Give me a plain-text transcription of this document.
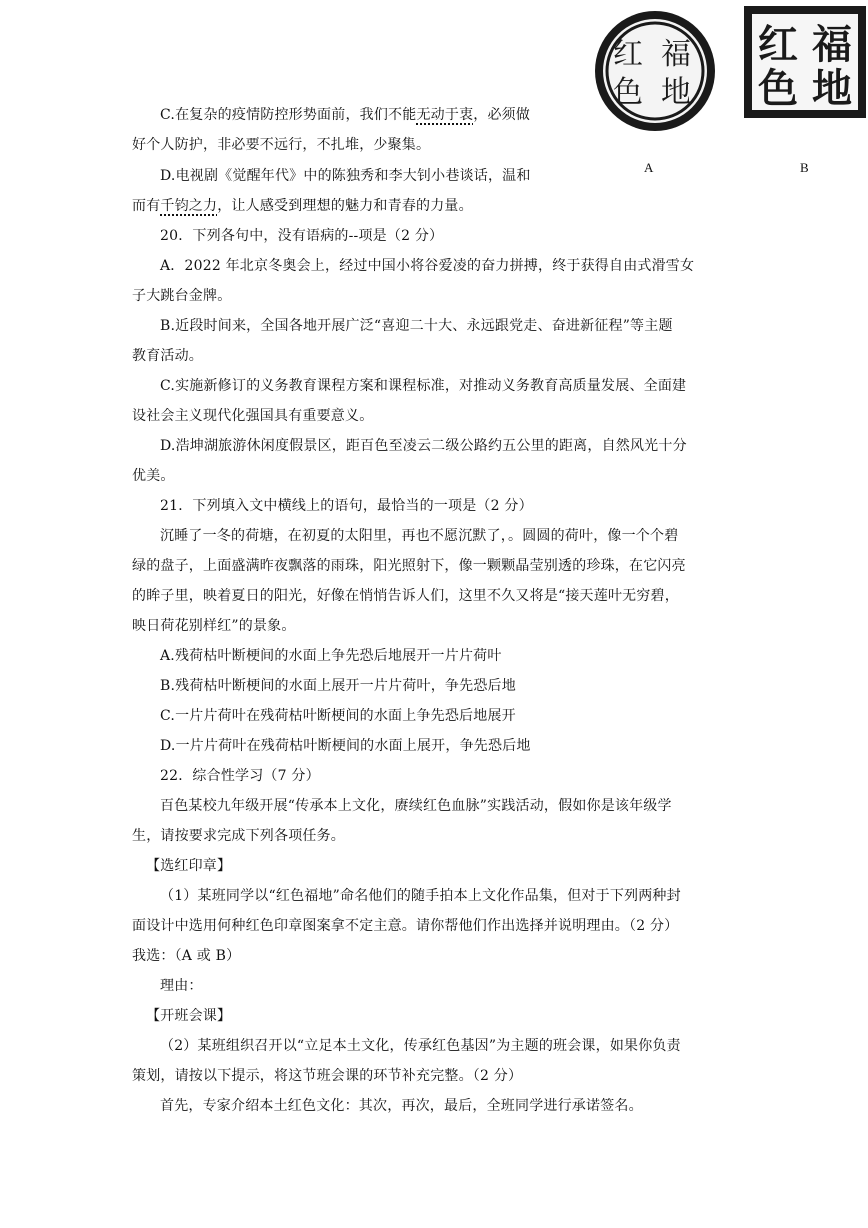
红
色
福
地
A
红
色
福
地
B
C.在复杂的疫情防控形势面前，我们不能无动于衷，必须做
好个人防护，非必要不远行，不扎堆，少聚集。
D.电视剧《觉醒年代》中的陈独秀和李大钊小巷谈话，温和
而有千钧之力，让人感受到理想的魅力和青春的力量。
20．下列各句中，没有语病的--项是（2 分）
A．2022 年北京冬奥会上，经过中国小将谷爱凌的奋力拼搏，终于获得自由式滑雪女
子大跳台金牌。
B.近段时间来，全国各地开展广泛“喜迎二十大、永远跟党走、奋进新征程”等主题
教育活动。
C.实施新修订的义务教育课程方案和课程标准，对推动义务教育高质量发展、全面建
设社会主义现代化强国具有重要意义。
D.浩坤湖旅游休闲度假景区，距百色至凌云二级公路约五公里的距离，自然风光十分
优美。
21．下列填入文中横线上的语句，最恰当的一项是（2 分）
沉睡了一冬的荷塘，在初夏的太阳里，再也不愿沉默了，。圆圆的荷叶，像一个个碧
绿的盘子，上面盛满昨夜飘落的雨珠，阳光照射下，像一颗颗晶莹别透的珍珠，在它闪亮
的眸子里，映着夏日的阳光，好像在悄悄告诉人们，这里不久又将是“接天莲叶无穷碧，
映日荷花别样红”的景象。
A.残荷枯叶断梗间的水面上争先恐后地展开一片片荷叶
B.残荷枯叶断梗间的水面上展开一片片荷叶，争先恐后地
C.一片片荷叶在残荷枯叶断梗间的水面上争先恐后地展开
D.一片片荷叶在残荷枯叶断梗间的水面上展开，争先恐后地
22．综合性学习（7 分）
百色某校九年级开展“传承本上文化，赓续红色血脉”实践活动，假如你是该年级学
生，请按要求完成下列各项任务。
【选红印章】
（1）某班同学以“红色福地”命名他们的随手拍本上文化作品集，但对于下列两种封
面设计中选用何种红色印章图案拿不定主意。请你帮他们作出选择并说明理由。（2 分）
我选：（A 或 B）
理由：
【开班会课】
（2）某班组织召开以“立足本土文化，传承红色基因”为主题的班会课，如果你负责
策划，请按以下提示，将这节班会课的环节补充完整。（2 分）
首先，专家介绍本土红色文化：其次，再次，最后，全班同学进行承诺签名。
